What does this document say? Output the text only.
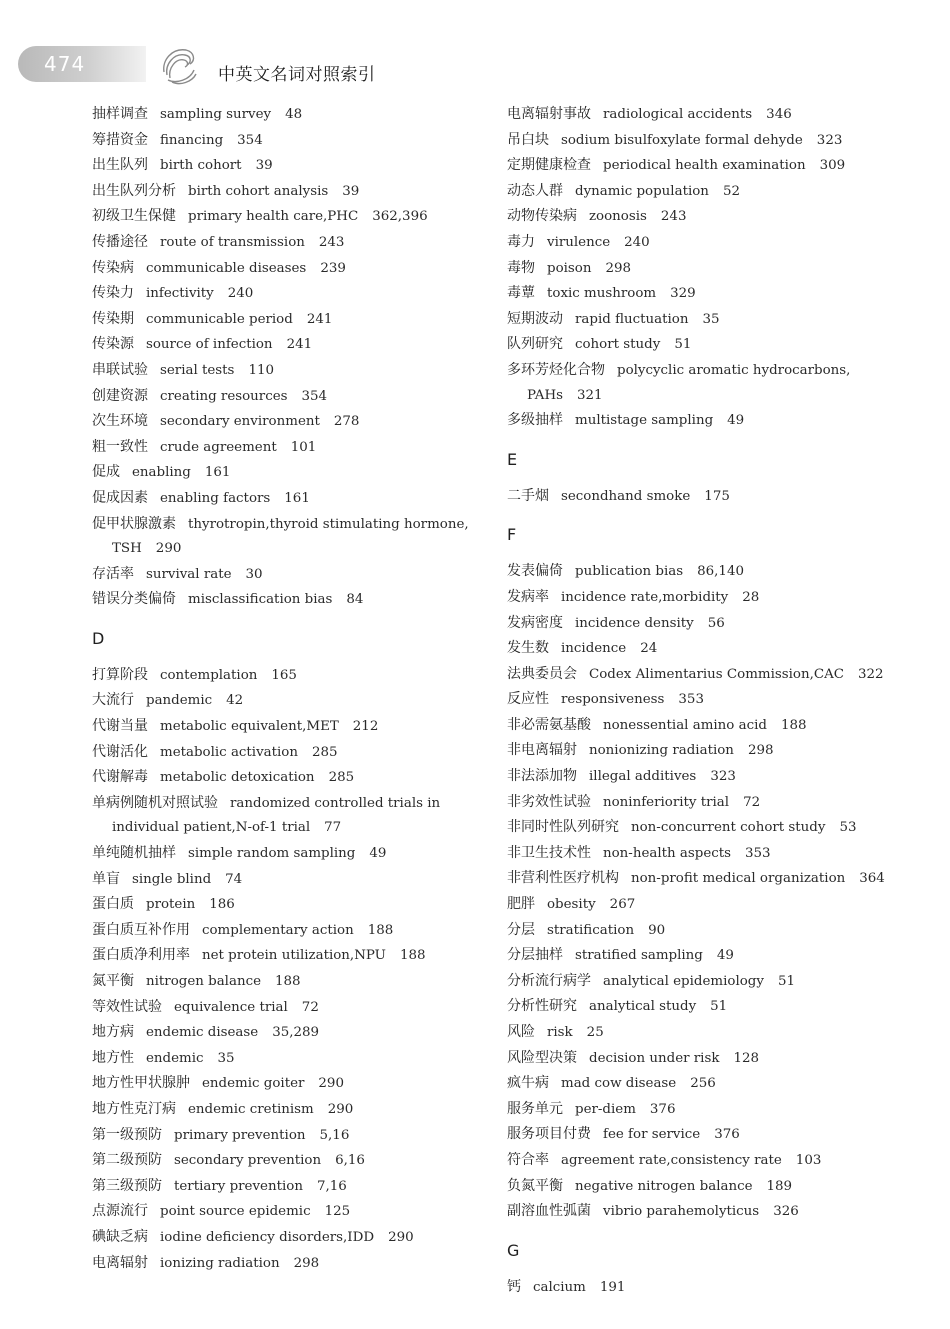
474	中英文名词对照索引
抽样调查 sampling survey 48
筹措资金 financing 354
出生队列 birth cohort 39
出生队列分析 birth cohort analysis 39
初级卫生保健 primary health care,PHC 362,396
传播途径 route of transmission 243
传染病 communicable diseases 239
传染力 infectivity 240
传染期 communicable period 241
传染源 source of infection 241
串联试验 serial tests 110
创建资源 creating resources 354
次生环境 secondary environment 278
粗一致性 crude agreement 101
促成 enabling 161
促成因素 enabling factors 161
促甲状腺激素 thyrotropin,thyroid stimulating hormone,
TSH 290
存活率 survival rate 30
错误分类偏倚 misclassification bias 84
D
打算阶段 contemplation 165
大流行 pandemic 42
代谢当量 metabolic equivalent,MET 212
代谢活化 metabolic activation 285
代谢解毒 metabolic detoxication 285
单病例随机对照试验 randomized controlled trials in
individual patient,N-of-1 trial 77
单纯随机抽样 simple random sampling 49
单盲 single blind 74
蛋白质 protein 186
蛋白质互补作用 complementary action 188
蛋白质净利用率 net protein utilization,NPU 188
氮平衡 nitrogen balance 188
等效性试验 equivalence trial 72
地方病 endemic disease 35,289
地方性 endemic 35
地方性甲状腺肿 endemic goiter 290
地方性克汀病 endemic cretinism 290
第一级预防 primary prevention 5,16
第二级预防 secondary prevention 6,16
第三级预防 tertiary prevention 7,16
点源流行 point source epidemic 125
碘缺乏病 iodine deficiency disorders,IDD 290
电离辐射 ionizing radiation 298
电离辐射事故 radiological accidents 346
吊白块 sodium bisulfoxylate formal dehyde 323
定期健康检查 periodical health examination 309
动态人群 dynamic population 52
动物传染病 zoonosis 243
毒力 virulence 240
毒物 poison 298
毒蕈 toxic mushroom 329
短期波动 rapid fluctuation 35
队列研究 cohort study 51
多环芳烃化合物 polycyclic aromatic hydrocarbons,
PAHs 321
多级抽样 multistage sampling 49
E
二手烟 secondhand smoke 175
F
发表偏倚 publication bias 86,140
发病率 incidence rate,morbidity 28
发病密度 incidence density 56
发生数 incidence 24
法典委员会 Codex Alimentarius Commission,CAC 322
反应性 responsiveness 353
非必需氨基酸 nonessential amino acid 188
非电离辐射 nonionizing radiation 298
非法添加物 illegal additives 323
非劣效性试验 noninferiority trial 72
非同时性队列研究 non-concurrent cohort study 53
非卫生技术性 non-health aspects 353
非营利性医疗机构 non-profit medical organization 364
肥胖 obesity 267
分层 stratification 90
分层抽样 stratified sampling 49
分析流行病学 analytical epidemiology 51
分析性研究 analytical study 51
风险 risk 25
风险型决策 decision under risk 128
疯牛病 mad cow disease 256
服务单元 per-diem 376
服务项目付费 fee for service 376
符合率 agreement rate,consistency rate 103
负氮平衡 negative nitrogen balance 189
副溶血性弧菌 vibrio parahemolyticus 326
G
钙 calcium 191
